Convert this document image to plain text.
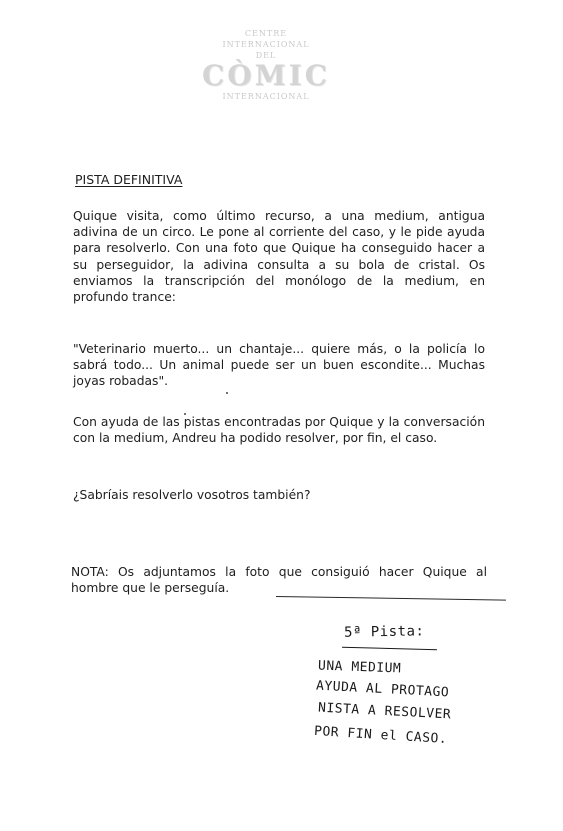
CENTRE
INTERNACIONAL
DEL
CÒMIC
INTERNACIONAL
PISTA DEFINITIVA
Quique visita, como último recurso, a una medium, antigua adivina de un circo. Le pone al corriente del caso, y le pide ayuda para resolverlo. Con una foto que Quique ha conseguido hacer a su perseguidor, la adivina consulta a su bola de cristal. Os enviamos la transcripción del monólogo de la medium, en profundo trance:
"Veterinario muerto... un chantaje... quiere más, o la policía lo sabrá todo... Un animal puede ser un buen escondite... Muchas joyas robadas".
Con ayuda de las pistas encontradas por Quique y la conversación con la medium, Andreu ha podido resolver, por fin, el caso.
¿Sabríais resolverlo vosotros también?
NOTA: Os adjuntamos la foto que consiguió hacer Quique al hombre que le perseguía.
5ª Pista:
UNA MEDIUM
AYUDA AL PROTAGO
NISTA A RESOLVER
POR FIN el CASO.
